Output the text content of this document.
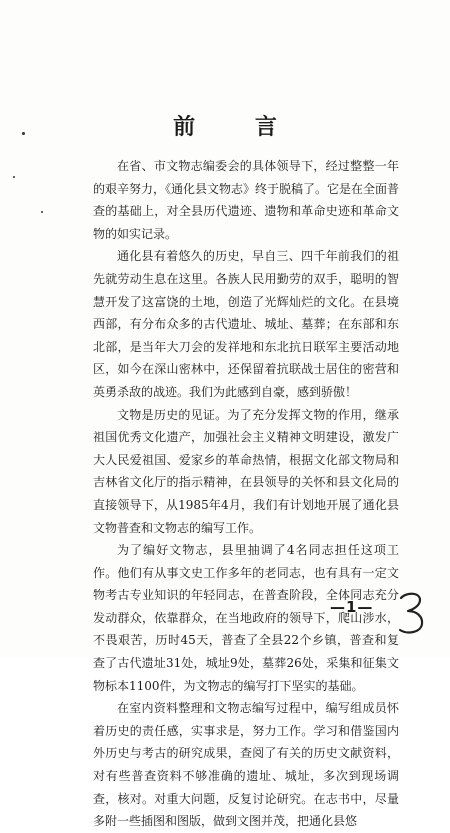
前 言

在省、市文物志编委会的具体领导下，经过整整一年的艰辛努力，《通化县文物志》终于脱稿了。它是在全面普查的基础上，对全县历代遗迹、遗物和革命史迹和革命文物的如实记录。

通化县有着悠久的历史，早自三、四千年前我们的祖先就劳动生息在这里。各族人民用勤劳的双手，聪明的智慧开发了这富饶的土地，创造了光辉灿烂的文化。在县境西部，有分布众多的古代遗址、城址、墓葬；在东部和东北部，是当年大刀会的发祥地和东北抗日联军主要活动地区，如今在深山密林中，还保留着抗联战士居住的密营和英勇杀敌的战迹。我们为此感到自豪，感到骄傲！

文物是历史的见证。为了充分发挥文物的作用，继承祖国优秀文化遗产，加强社会主义精神文明建设，激发广大人民爱祖国、爱家乡的革命热情，根据文化部文物局和吉林省文化厅的指示精神，在县领导的关怀和县文化局的直接领导下，从1985年4月，我们有计划地开展了通化县文物普查和文物志的编写工作。

为了编好文物志，县里抽调了4名同志担任这项工作。他们有从事文史工作多年的老同志，也有具有一定文物考古专业知识的年轻同志，在普查阶段，全体同志充分发动群众，依靠群众，在当地政府的领导下，爬山涉水，不畏艰苦，历时45天，普查了全县22个乡镇，普查和复查了古代遗址31处，城址9处，墓葬26处，采集和征集文物标本1100件，为文物志的编写打下坚实的基础。

在室内资料整理和文物志编写过程中，编写组成员怀着历史的责任感，实事求是，努力工作。学习和借鉴国内外历史与考古的研究成果，查阅了有关的历史文献资料，对有些普查资料不够准确的遗址、城址，多次到现场调查，核对。对重大问题，反复讨论研究。在志书中，尽量多附一些插图和图版，做到文图并茂，把通化县悠

—1—
